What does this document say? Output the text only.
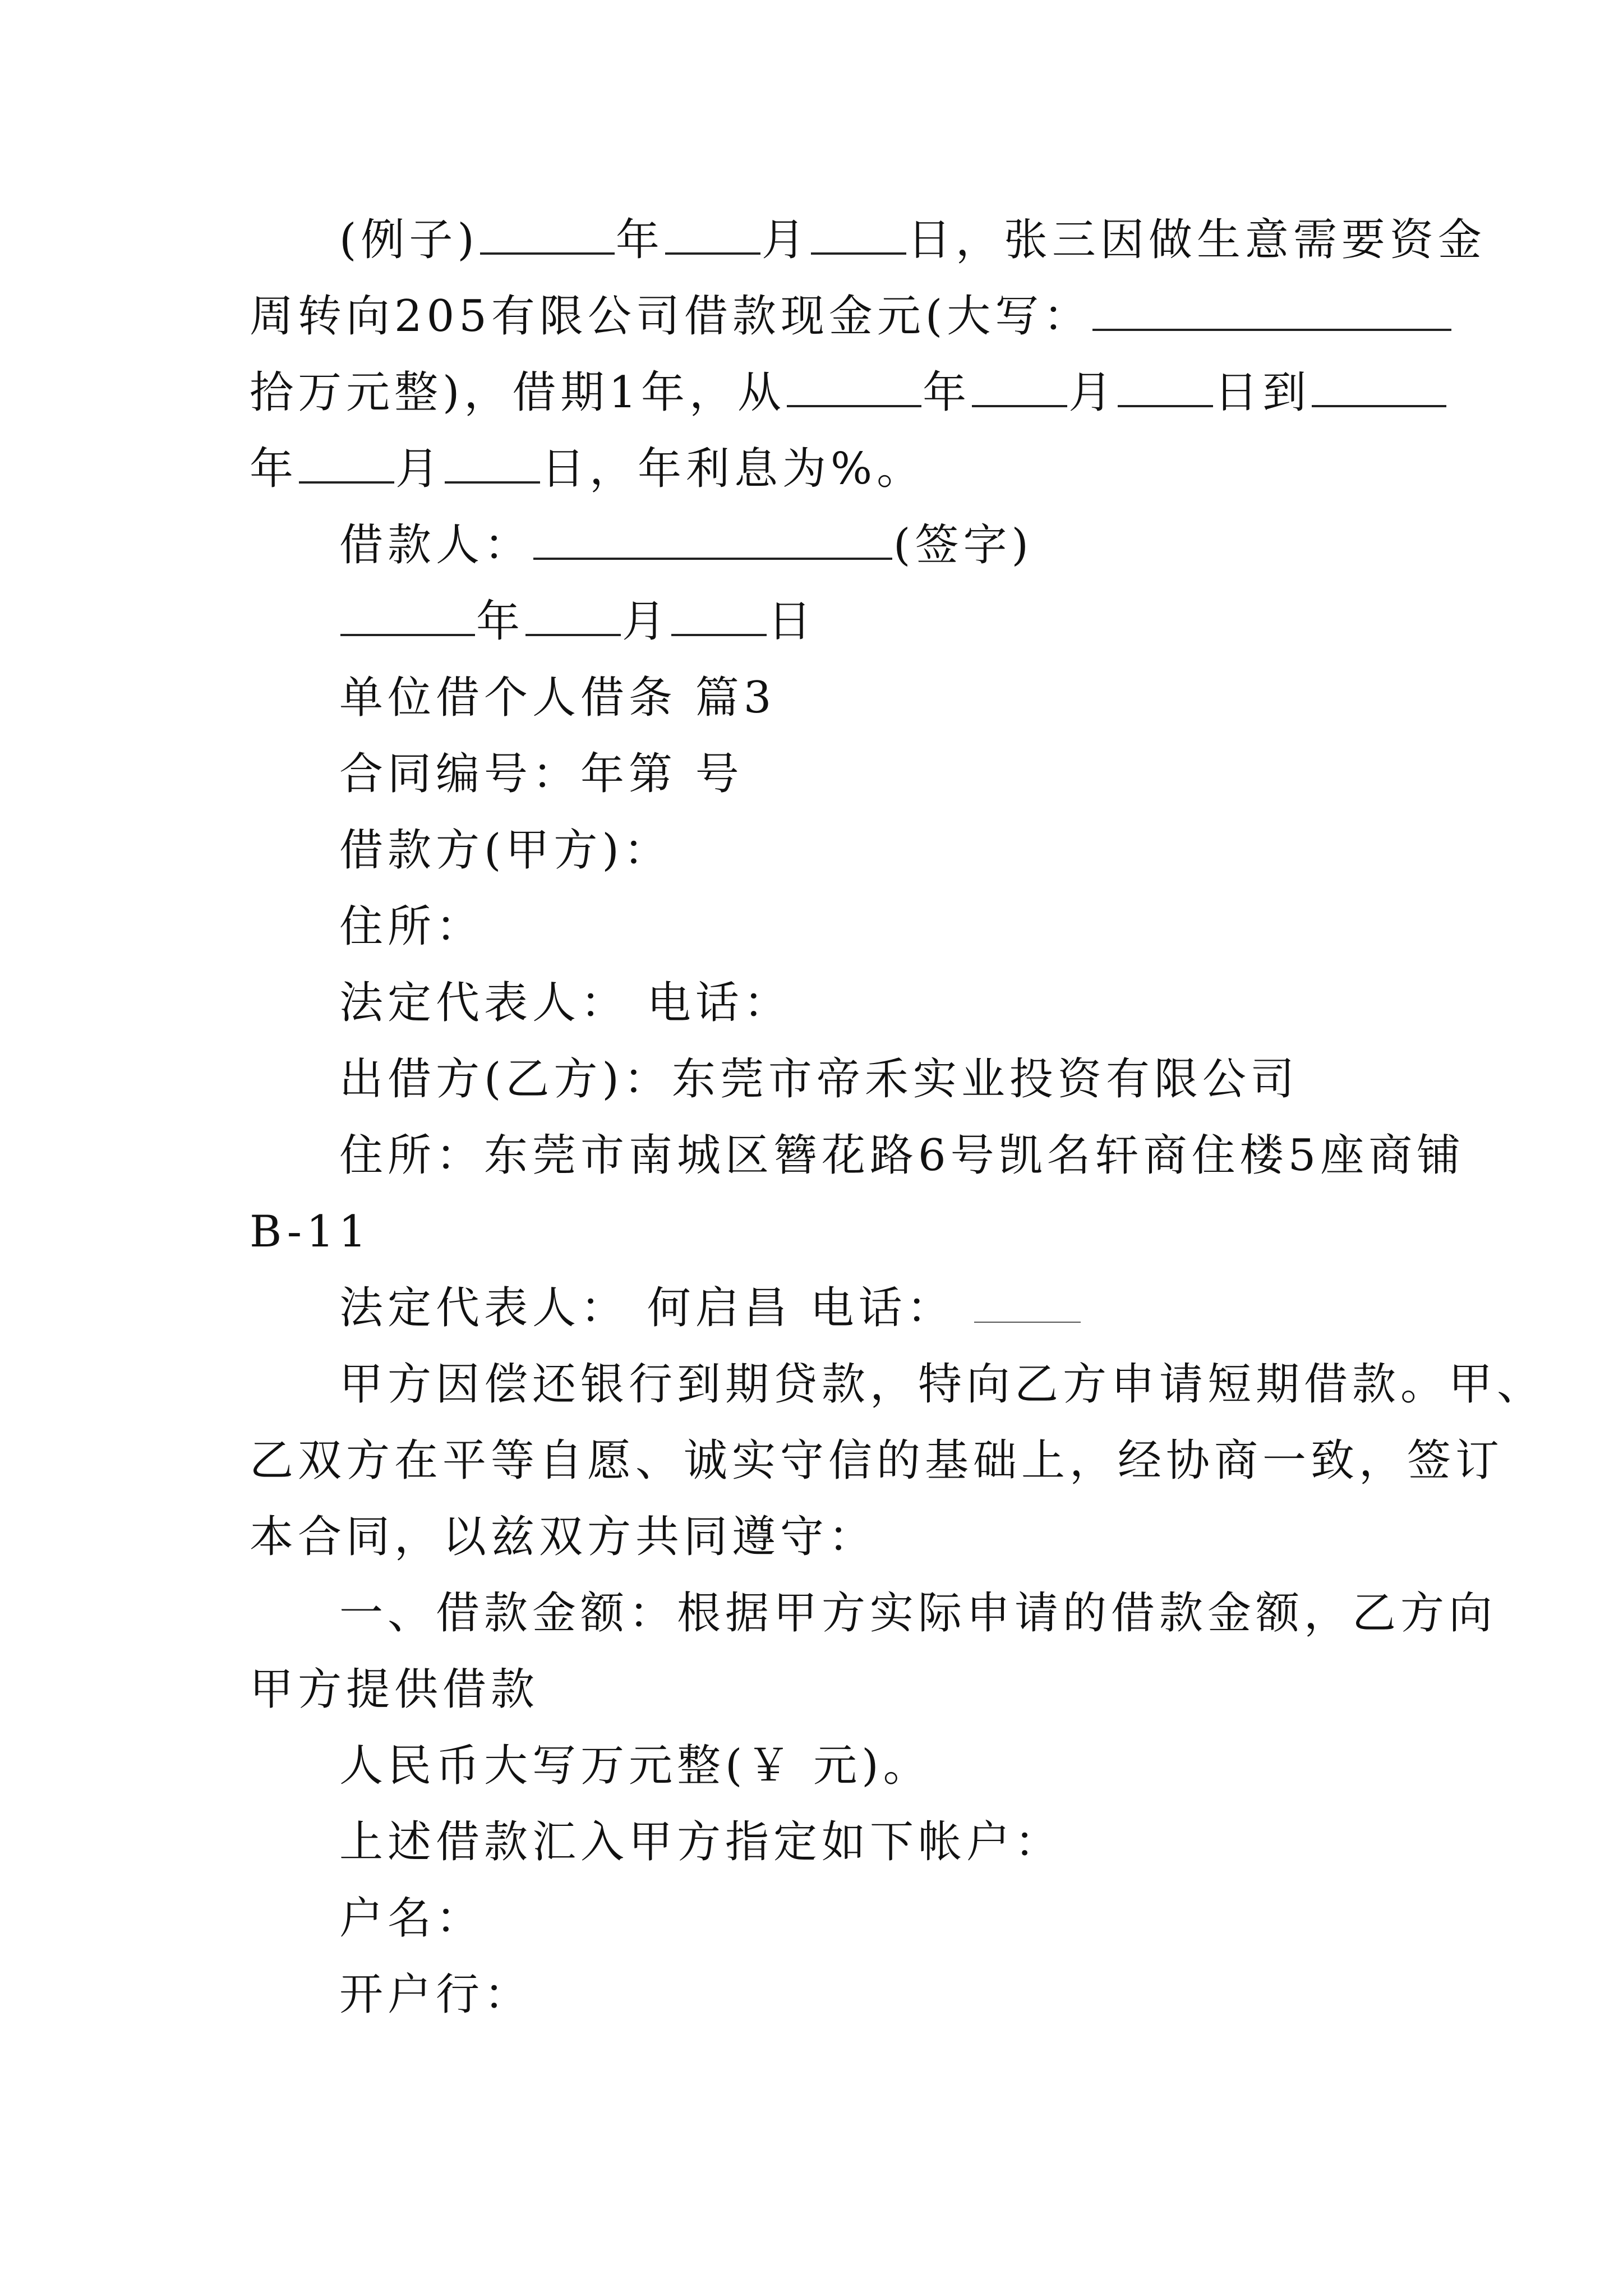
(例子)	年 月 日，张三因做生意需要资金
周转向205有限公司借款现金元(大写：
拾万元整)，借期1年，从	年 月 日到
年 月 日，年利息为%。
借款人：	(签字)
年 月 日
单位借个人借条 篇3
合同编号：年第 号
借款方(甲方)：
住所：
法定代表人： 电话：
出借方(乙方)：东莞市帝禾实业投资有限公司
住所：东莞市南城区簪花路6号凯名轩商住楼5座商铺
B-11
法定代表人： 何启昌 电话：
甲方因偿还银行到期贷款，特向乙方申请短期借款。甲、
乙双方在平等自愿、诚实守信的基础上，经协商一致，签订
本合同，以兹双方共同遵守：
一、借款金额：根据甲方实际申请的借款金额，乙方向
甲方提供借款
人民币大写万元整(￥ 元)。
上述借款汇入甲方指定如下帐户：
户名：
开户行：
